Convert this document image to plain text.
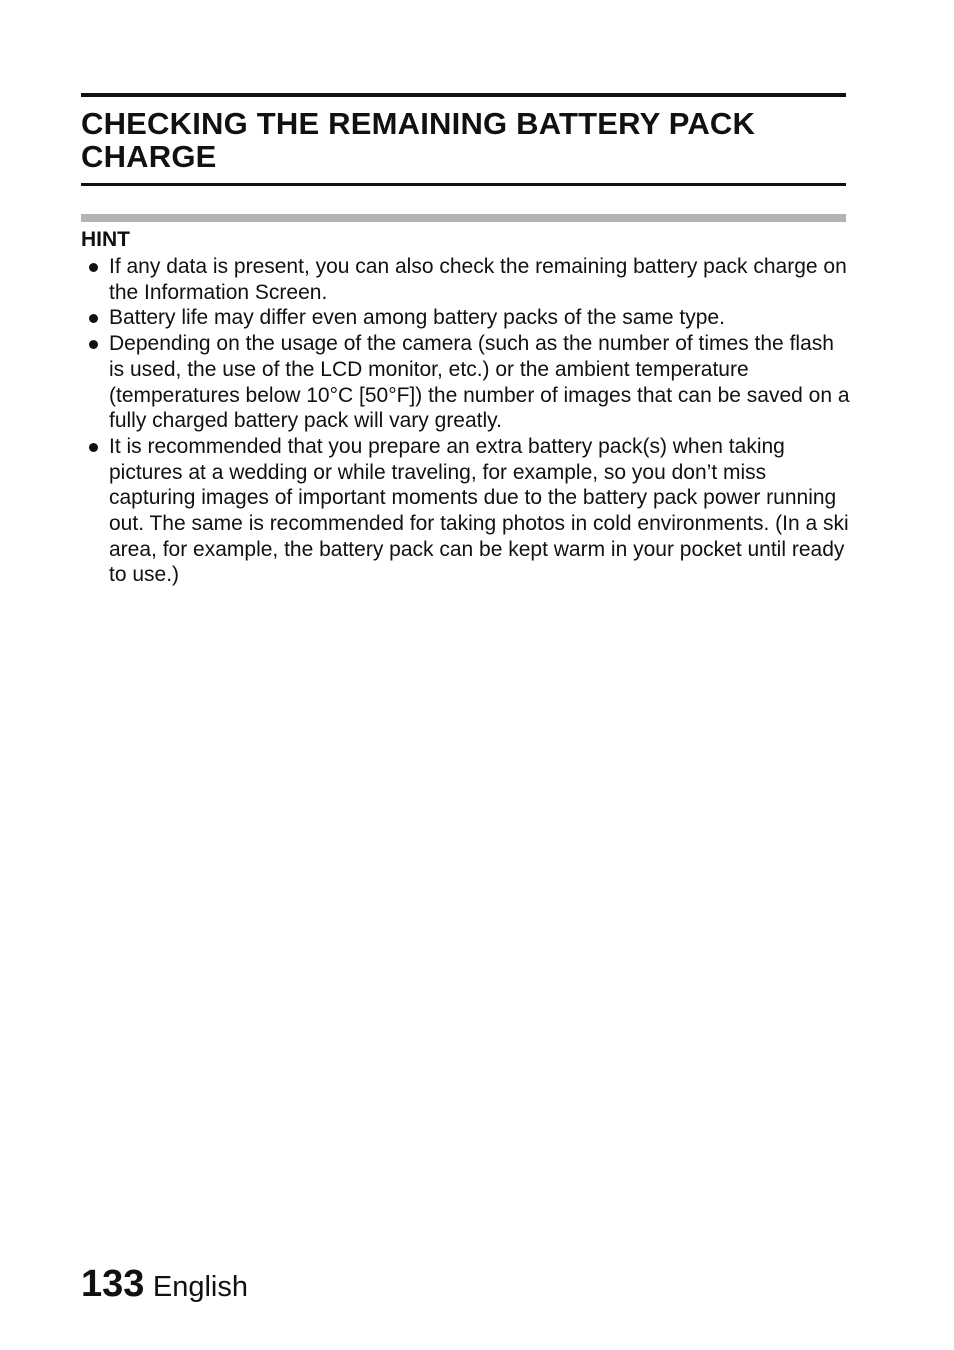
CHECKING THE REMAINING BATTERY PACK CHARGE
HINT
If any data is present, you can also check the remaining battery pack charge on the Information Screen.
Battery life may differ even among battery packs of the same type.
Depending on the usage of the camera (such as the number of times the flash is used, the use of the LCD monitor, etc.) or the ambient temperature (temperatures below 10°C [50°F]) the number of images that can be saved on a fully charged battery pack will vary greatly.
It is recommended that you prepare an extra battery pack(s) when taking pictures at a wedding or while traveling, for example, so you don’t miss capturing images of important moments due to the battery pack power running out. The same is recommended for taking photos in cold environments. (In a ski area, for example, the battery pack can be kept warm in your pocket until ready to use.)
133 English
